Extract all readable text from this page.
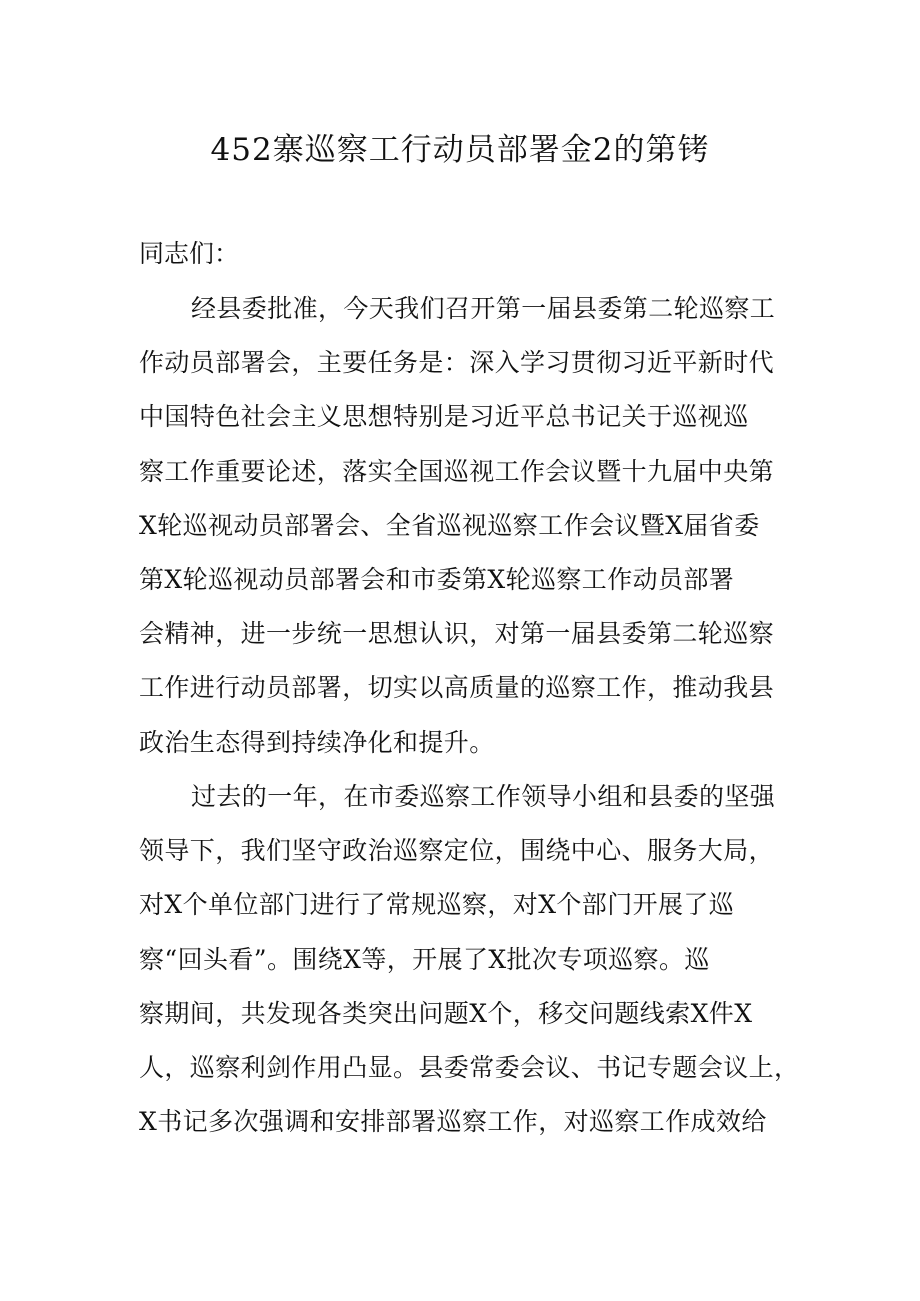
452寨巡察工行动员部署金2的第铐

同志们：

经县委批准，今天我们召开第一届县委第二轮巡察工
作动员部署会，主要任务是：深入学习贯彻习近平新时代
中国特色社会主义思想特别是习近平总书记关于巡视巡
察工作重要论述，落实全国巡视工作会议暨十九届中央第
X轮巡视动员部署会、全省巡视巡察工作会议暨X届省委
第X轮巡视动员部署会和市委第X轮巡察工作动员部署
会精神，进一步统一思想认识，对第一届县委第二轮巡察
工作进行动员部署，切实以高质量的巡察工作，推动我县
政治生态得到持续净化和提升。
过去的一年，在市委巡察工作领导小组和县委的坚强
领导下，我们坚守政治巡察定位，围绕中心、服务大局，
对X个单位部门进行了常规巡察，对X个部门开展了巡
察“回头看”。围绕X等，开展了X批次专项巡察。巡
察期间，共发现各类突出问题X个，移交问题线索X件X
人，巡察利剑作用凸显。县委常委会议、书记专题会议上，
X书记多次强调和安排部署巡察工作，对巡察工作成效给
